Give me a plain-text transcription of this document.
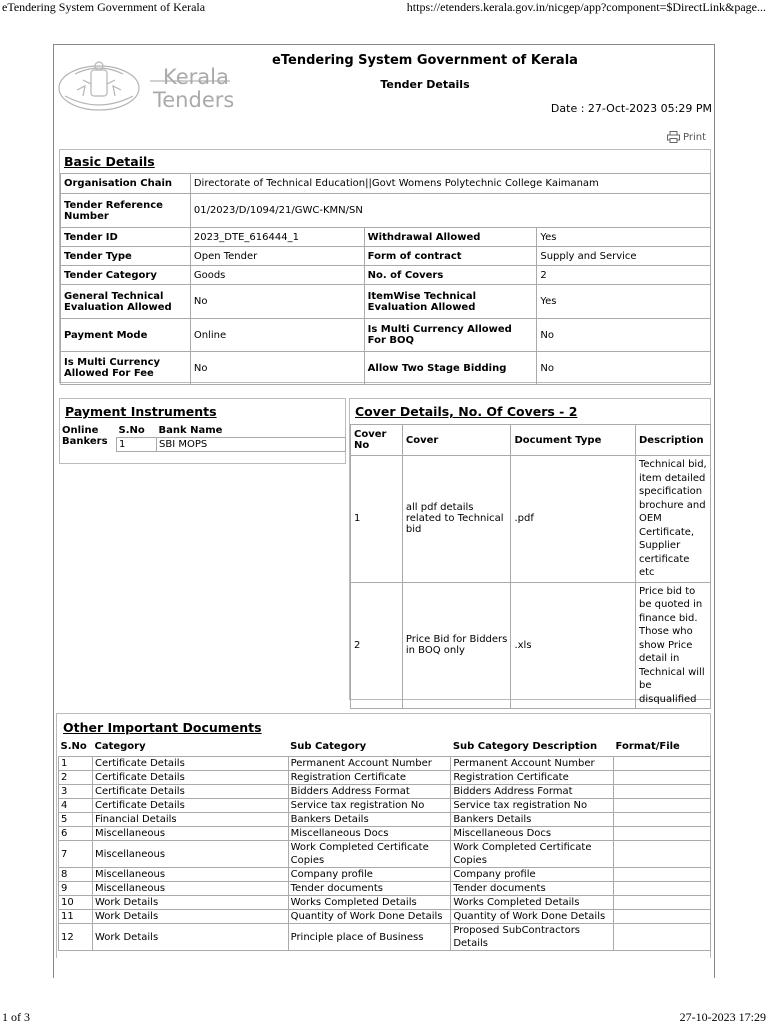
eTendering System Government of Kerala	https://etenders.kerala.gov.in/nicgep/app?component=$DirectLink&page...
1 of 3	27-10-2023 17:29
Kerala
Tenders
eTendering System Government of Kerala
Tender Details
Date : 27-Oct-2023 05:29 PM
Print
Basic Details
Organisation Chain	Directorate of Technical Education||Govt Womens Polytechnic College Kaimanam		
Tender Reference Number	01/2023/D/1094/21/GWC-KMN/SN		
Tender ID	2023_DTE_616444_1	Withdrawal Allowed	Yes
Tender Type	Open Tender	Form of contract	Supply and Service
Tender Category	Goods	No. of Covers	2
General Technical Evaluation Allowed	No	ItemWise Technical Evaluation Allowed	Yes
Payment Mode	Online	Is Multi Currency Allowed For BOQ	No
Is Multi Currency Allowed For Fee	No	Allow Two Stage Bidding	No
Payment Instruments
Online Bankers	
S.No	Bank Name
1	SBI MOPS
Cover Details, No. Of Covers - 2
Cover No	Cover	Document Type	Description
1	all pdf details related to Technical bid	.pdf	Technical bid, item detailed specification brochure and OEM Certificate, Supplier certificate etc
2	Price Bid for Bidders in BOQ only	.xls	Price bid to be quoted in finance bid. Those who show Price detail in Technical will be disqualified
Other Important Documents
S.No	Category	Sub Category	Sub Category Description	Format/File
1	Certificate Details	Permanent Account Number	Permanent Account Number	
2	Certificate Details	Registration Certificate	Registration Certificate	
3	Certificate Details	Bidders Address Format	Bidders Address Format	
4	Certificate Details	Service tax registration No	Service tax registration No	
5	Financial Details	Bankers Details	Bankers Details	
6	Miscellaneous	Miscellaneous Docs	Miscellaneous Docs	
7	Miscellaneous	Work Completed Certificate Copies	Work Completed Certificate Copies	
8	Miscellaneous	Company profile	Company profile	
9	Miscellaneous	Tender documents	Tender documents	
10	Work Details	Works Completed Details	Works Completed Details	
11	Work Details	Quantity of Work Done Details	Quantity of Work Done Details	
12	Work Details	Principle place of Business	Proposed SubContractors Details	
